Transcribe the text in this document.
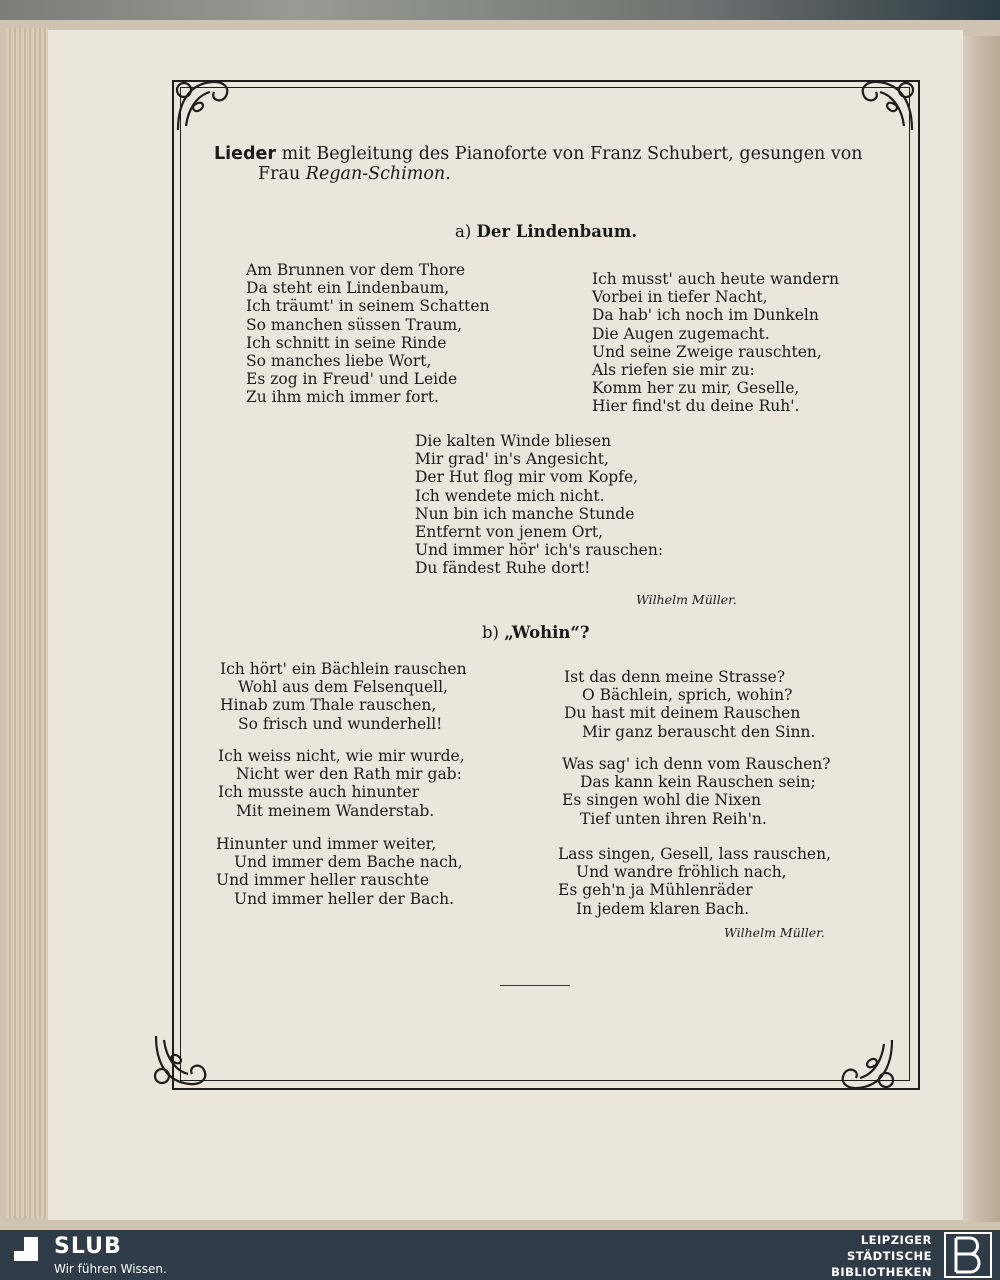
Lieder mit Begleitung des Pianoforte von Franz Schubert, gesungen von
Frau Regan-Schimon.
a) Der Lindenbaum.
Am Brunnen vor dem Thore
Da steht ein Lindenbaum,
Ich träumt' in seinem Schatten
So manchen süssen Traum,
Ich schnitt in seine Rinde
So manches liebe Wort,
Es zog in Freud' und Leide
Zu ihm mich immer fort.
Ich musst' auch heute wandern
Vorbei in tiefer Nacht,
Da hab' ich noch im Dunkeln
Die Augen zugemacht.
Und seine Zweige rauschten,
Als riefen sie mir zu:
Komm her zu mir, Geselle,
Hier find'st du deine Ruh'.
Die kalten Winde bliesen
Mir grad' in's Angesicht,
Der Hut flog mir vom Kopfe,
Ich wendete mich nicht.
Nun bin ich manche Stunde
Entfernt von jenem Ort,
Und immer hör' ich's rauschen:
Du fändest Ruhe dort!
Wilhelm Müller.
b) „Wohin“?
Ich hört' ein Bächlein rauschen
Wohl aus dem Felsenquell,
Hinab zum Thale rauschen,
So frisch und wunderhell!
Ich weiss nicht, wie mir wurde,
Nicht wer den Rath mir gab:
Ich musste auch hinunter
Mit meinem Wanderstab.
Hinunter und immer weiter,
Und immer dem Bache nach,
Und immer heller rauschte
Und immer heller der Bach.
Ist das denn meine Strasse?
O Bächlein, sprich, wohin?
Du hast mit deinem Rauschen
Mir ganz berauscht den Sinn.
Was sag' ich denn vom Rauschen?
Das kann kein Rauschen sein;
Es singen wohl die Nixen
Tief unten ihren Reih'n.
Lass singen, Gesell, lass rauschen,
Und wandre fröhlich nach,
Es geh'n ja Mühlenräder
In jedem klaren Bach.
Wilhelm Müller.
SLUB
Wir führen Wissen.
LEIPZIGER
STÄDTISCHE
BIBLIOTHEKEN
